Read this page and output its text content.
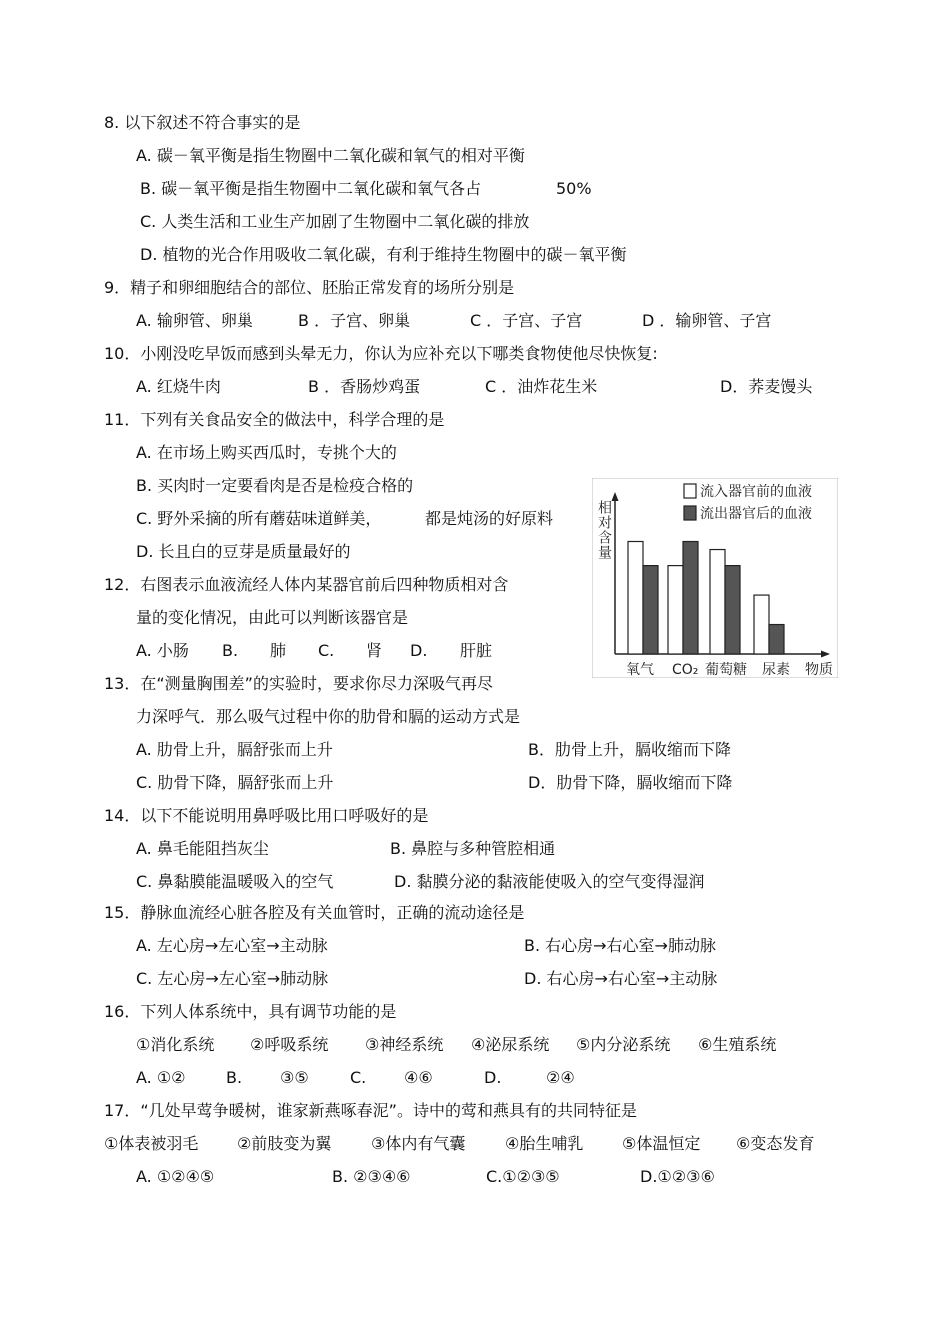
8. 以下叙述不符合事实的是
A. 碳－氧平衡是指生物圈中二氧化碳和氧气的相对平衡
B. 碳－氧平衡是指生物圈中二氧化碳和氧气各占	50%
C. 人类生活和工业生产加剧了生物圈中二氧化碳的排放
D. 植物的光合作用吸收二氧化碳，有利于维持生物圈中的碳－氧平衡
9．精子和卵细胞结合的部位、胚胎正常发育的场所分别是
A. 输卵管、卵巢	B ．子宫、卵巢	C ．子宫、子宫	D ．输卵管、子宫
10．小刚没吃早饭而感到头晕无力，你认为应补充以下哪类食物使他尽快恢复:
A. 红烧牛肉	B ．香肠炒鸡蛋	C ．油炸花生米	D．荞麦馒头
11．下列有关食品安全的做法中，科学合理的是
A. 在市场上购买西瓜时，专挑个大的
B. 买肉时一定要看肉是否是检疫合格的
C. 野外采摘的所有蘑菇味道鲜美，	都是炖汤的好原料
D. 长且白的豆芽是质量最好的
12．右图表示血液流经人体内某器官前后四种物质相对含
量的变化情况，由此可以判断该器官是
A. 小肠 B. 肺 C. 肾 D. 肝脏
相对含量
流入器官前的血液
流出器官后的血液
氧气 CO₂ 葡萄糖 尿素 物质
13．在“测量胸围差”的实验时，要求你尽力深吸气再尽
力深呼气．那么吸气过程中你的肋骨和膈的运动方式是
A. 肋骨上升，膈舒张而上升	B．肋骨上升，膈收缩而下降
C. 肋骨下降，膈舒张而上升	D．肋骨下降，膈收缩而下降
14．以下不能说明用鼻呼吸比用口呼吸好的是
A. 鼻毛能阻挡灰尘	B. 鼻腔与多种管腔相通
C. 鼻黏膜能温暖吸入的空气	D. 黏膜分泌的黏液能使吸入的空气变得湿润
15．静脉血流经心脏各腔及有关血管时，正确的流动途径是
A. 左心房→左心室→主动脉	B. 右心房→右心室→肺动脉
C. 左心房→左心室→肺动脉	D. 右心房→右心室→主动脉
16．下列人体系统中，具有调节功能的是
①消化系统 ②呼吸系统 ③神经系统 ④泌尿系统 ⑤内分泌系统 ⑥生殖系统
A. ①②	B. ③⑤	C. ④⑥	D.	②④
17．“几处早莺争暖树，谁家新燕啄春泥”。诗中的莺和燕具有的共同特征是
①体表被羽毛 ②前肢变为翼 ③体内有气囊 ④胎生哺乳 ⑤体温恒定 ⑥变态发育
A. ①②④⑤	B. ②③④⑥	C.①②③⑤	D.①②③⑥
